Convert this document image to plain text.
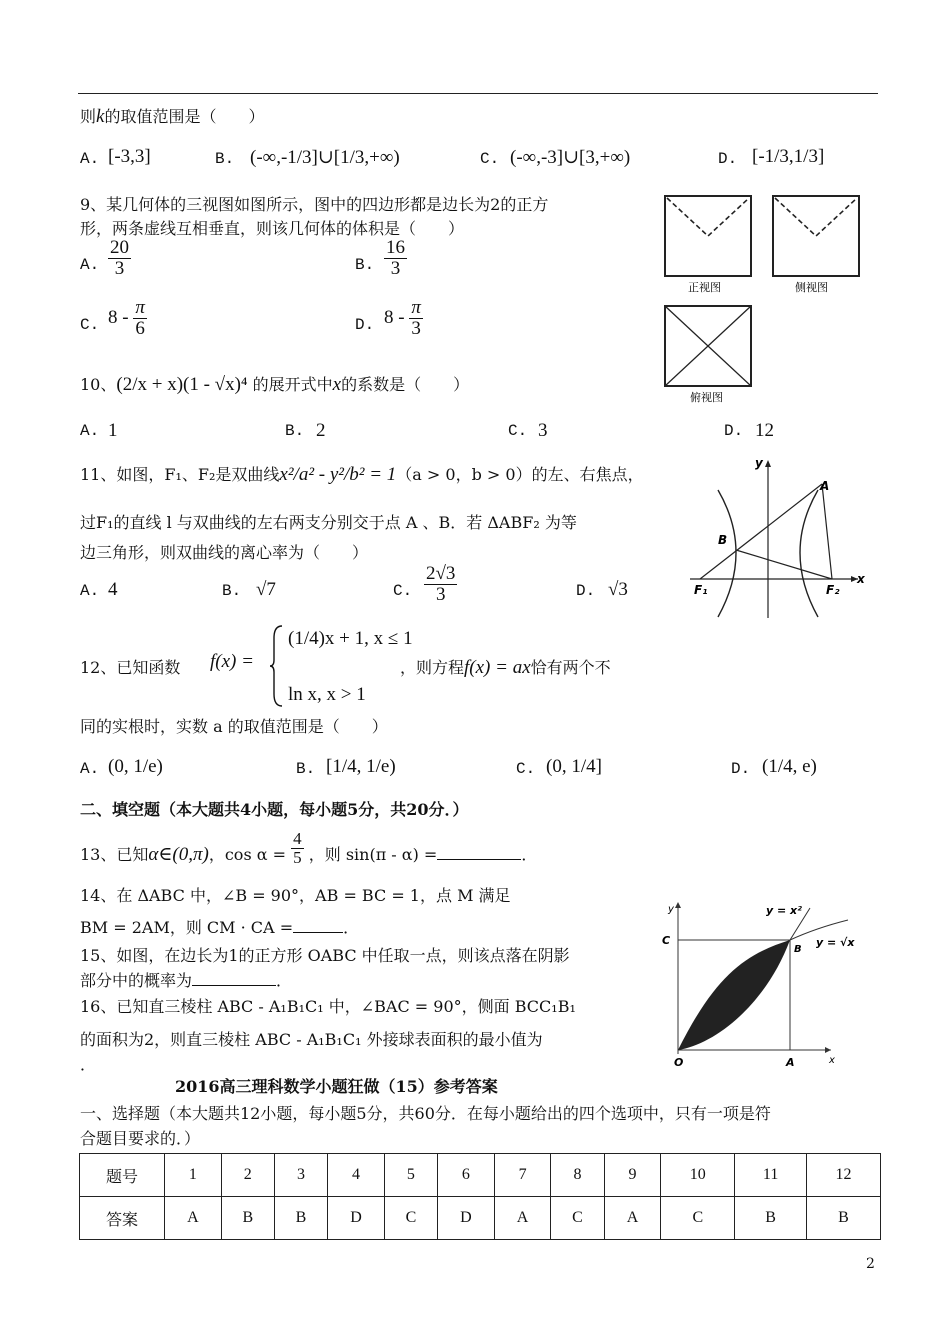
则k的取值范围是（　　）
A. [-3,3]	B. (-∞,-1/3]∪[1/3,+∞)	C. (-∞,-3]∪[3,+∞)	D. [-1/3,1/3]
9、某几何体的三视图如图所示，图中的四边形都是边长为2的正方
形，两条虚线互相垂直，则该几何体的体积是（　　）
A. $\frac{20}{3}$	B. $\frac{16}{3}$
C. $8 - \frac{\pi}{6}$	D. $8 - \frac{\pi}{3}$
正视图	侧视图
俯视图
10、(2/x + x)(1 - √x)⁴ 的展开式中x的系数是（　　）
A. 1	B. 2	C. 3	D. 12
11、如图，F₁、F₂是双曲线x²/a² - y²/b² = 1（a > 0，b > 0）的左、右焦点，
过F₁的直线 l 与双曲线的左右两支分别交于点 A 、B．若 ΔABF₂ 为等
边三角形，则双曲线的离心率为（　　）
A. 4	B. √7	C. $\frac{2√3}{3}$	D. √3
y
x
A
B
F₁	F₂
12、已知函数 f(x) =
(1/4)x + 1, x ≤ 1
ln x, x > 1
，则方程f(x) = ax恰有两个不
同的实根时，实数 a 的取值范围是（　　）
A. (0, 1/e)	B. [1/4, 1/e)	C. (0, 1/4]	D. (1/4, e)
二、填空题（本大题共4小题，每小题5分，共20分．）
13、已知α∈(0,π)，$\cos \alpha = \frac{4}{5}$ ，则 sin(π - α) =	．
14、在 ΔABC 中，∠B = 90°，AB = BC = 1，点 M 满足
BM = 2AM，则 CM · CA =	．
15、如图，在边长为1的正方形 OABC 中任取一点，则该点落在阴影
部分中的概率为	．
16、已知直三棱柱 ABC - A₁B₁C₁ 中，∠BAC = 90°，侧面 BCC₁B₁
的面积为2，则直三棱柱 ABC - A₁B₁C₁ 外接球表面积的最小值为
．
y
x
y = x²
y = √x
C
B
O	A
2016高三理科数学小题狂做（15）参考答案
一、选择题（本大题共12小题，每小题5分，共60分．在每小题给出的四个选项中，只有一项是符
合题目要求的．）
题号	1	2	3	4	5	6	7	8	9	10	11	12
答案	A	B	B	D	C	D	A	C	A	C	B	B
2
